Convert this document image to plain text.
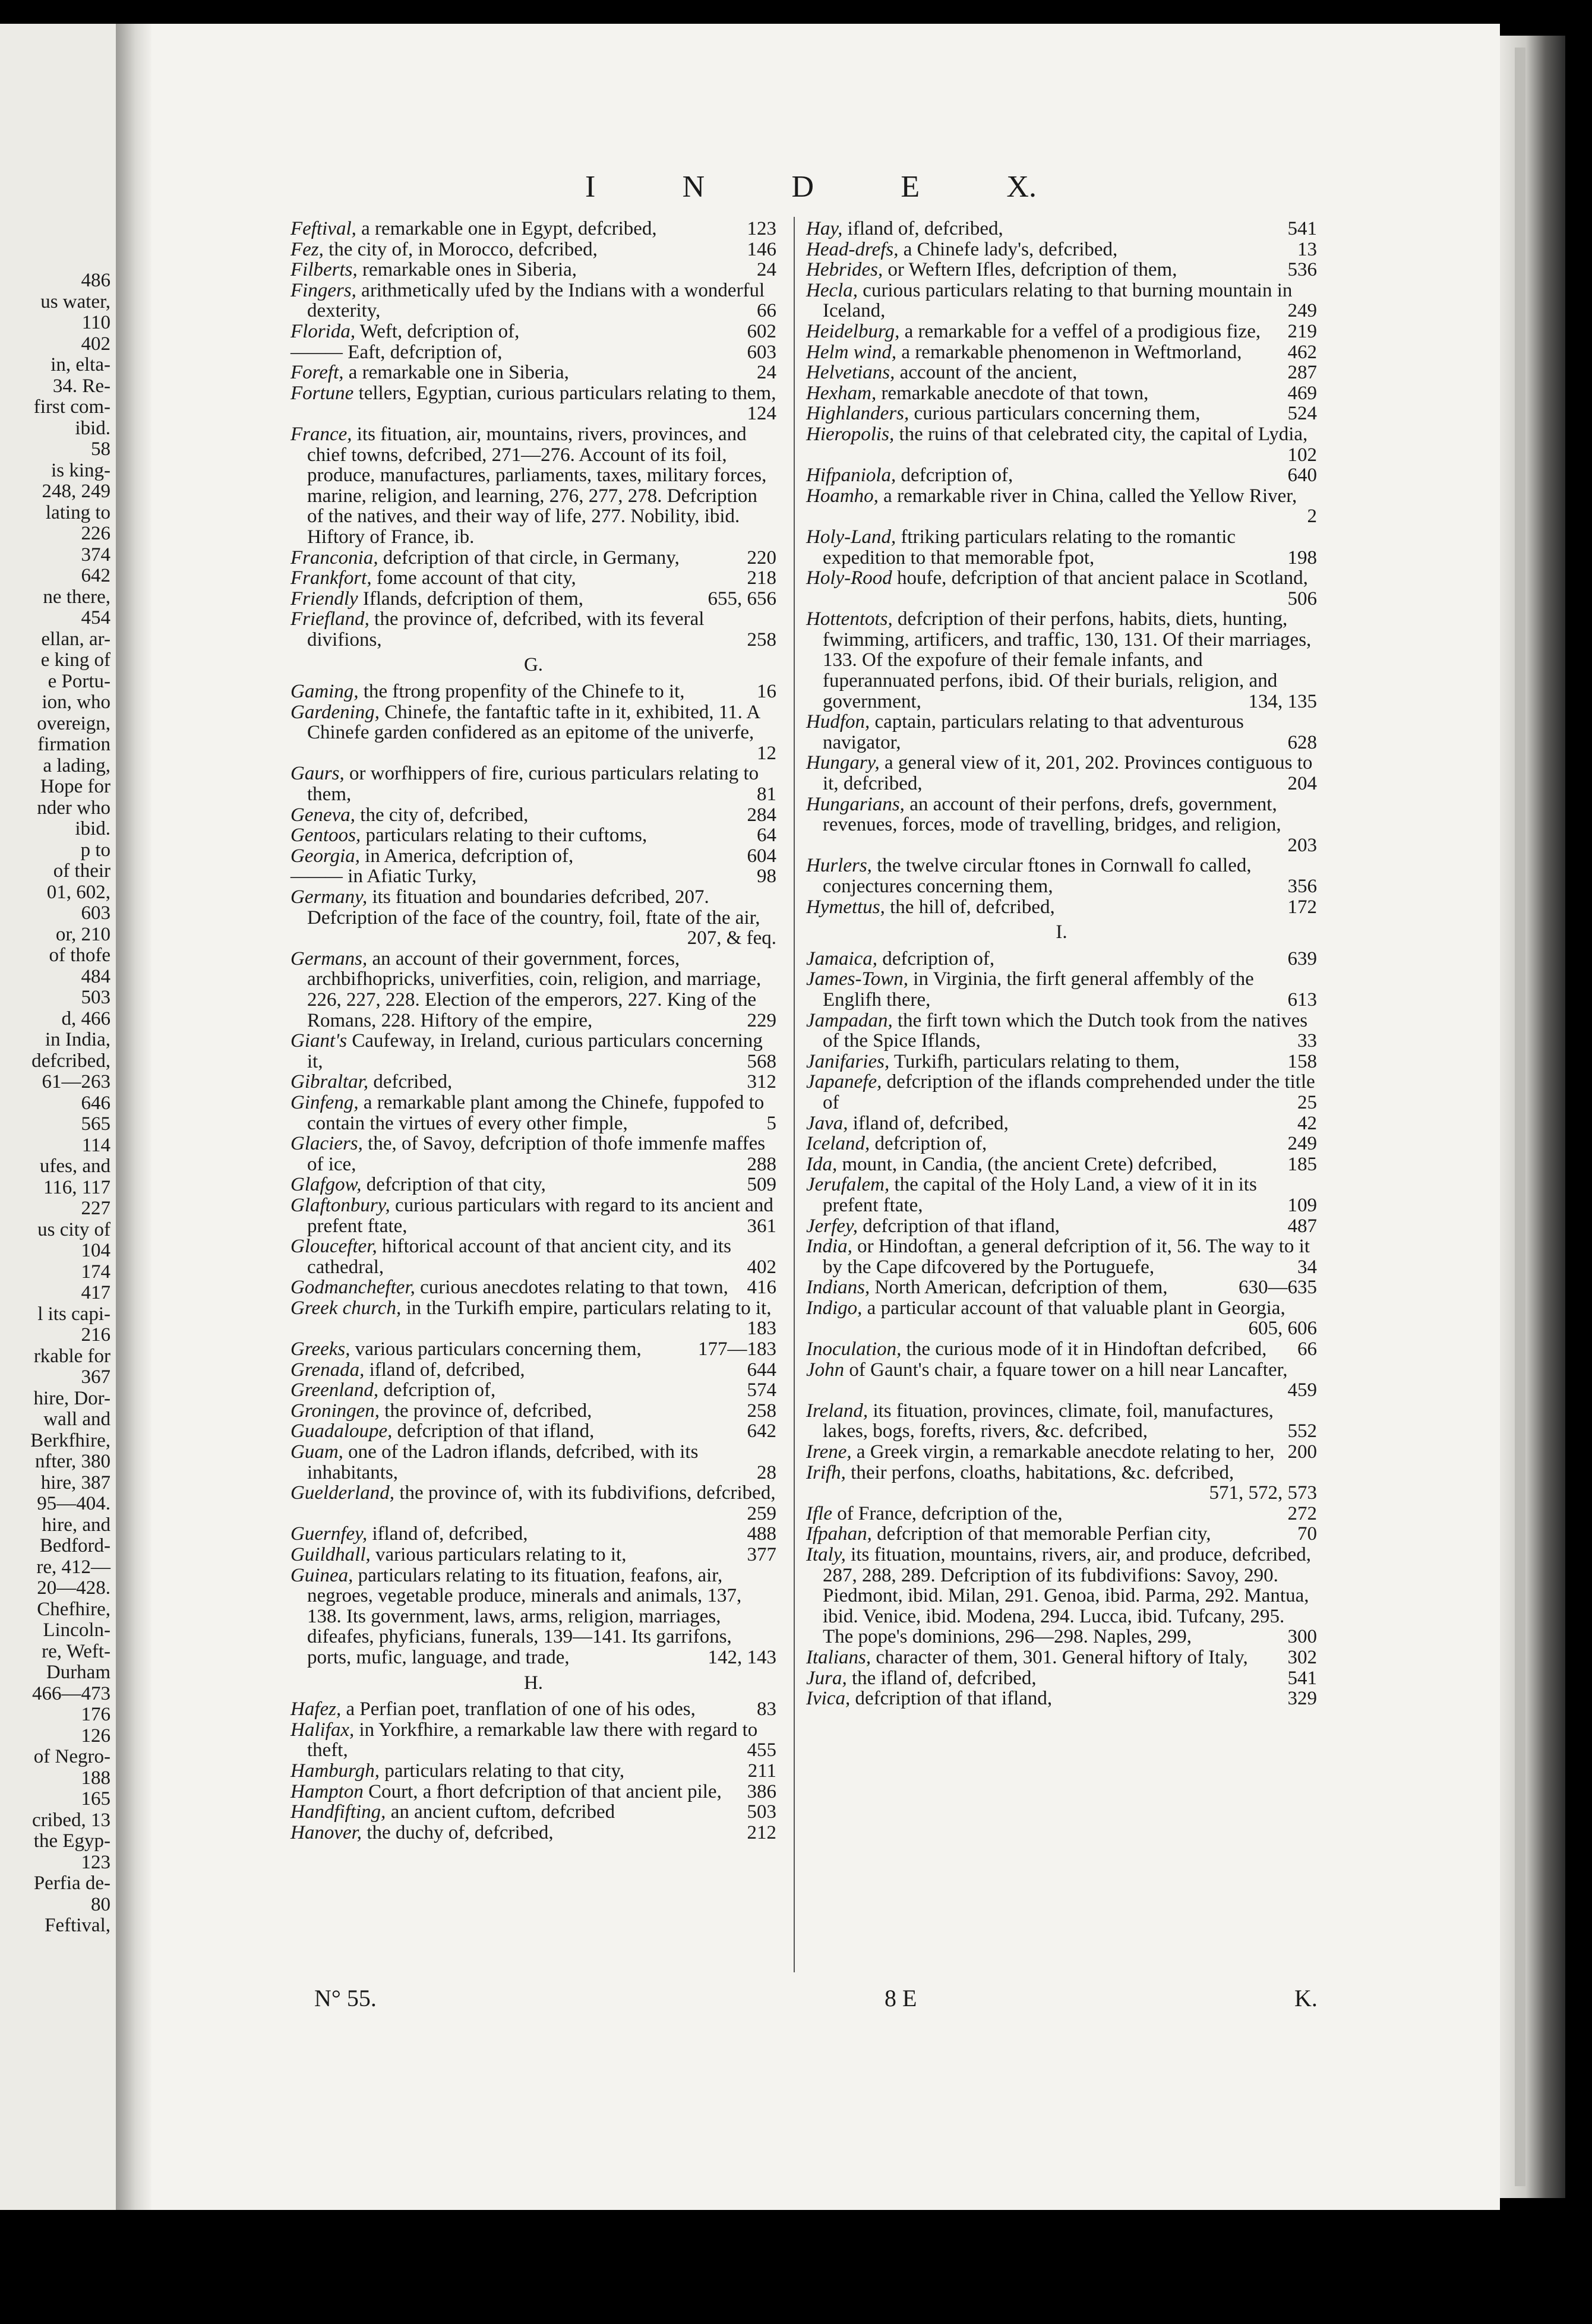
486
us water,
110
402
in, elta-
34. Re-
first com-
ibid.
58
is king-
248, 249
lating to
226
374
642
ne there,
454
ellan, ar-
e king of
e Portu-
ion, who
overeign,
firmation
a lading,
Hope for
nder who
ibid.
p to
of their
01, 602,
603
or, 210
of thofe
484
503
d, 466
in India,
defcribed,
61—263
646
565
114
ufes, and
116, 117
227
us city of
104
174
417
l its capi-
216
rkable for
367
hire, Dor-
wall and
Berkfhire,
nfter, 380
hire, 387
95—404.
hire, and
Bedford-
re, 412—
20—428.
Chefhire,
Lincoln-
re, Weft-
Durham
466—473
176
126
of Negro-
188
165
cribed, 13
the Egyp-
123
Perfia de-
80
Feftival,
I	N	D	E	X.
Feftival, a remarkable one in Egypt, defcribed,	123
Fez, the city of, in Morocco, defcribed,	146
Filberts, remarkable ones in Siberia,	24
Fingers, arithmetically ufed by the Indians with a wonderful dexterity,	66
Florida, Weft, defcription of,	602
——— Eaft, defcription of,	603
Foreft, a remarkable one in Siberia,	24
Fortune tellers, Egyptian, curious particulars relating to them,
124
France, its fituation, air, mountains, rivers, provinces, and chief towns, defcribed, 271—276. Account of its foil, produce, manufactures, parliaments, taxes, military forces, marine, religion, and learning, 276, 277, 278. Defcription of the natives, and their way of life, 277. Nobility, ibid. Hiftory of France, ib.
Franconia, defcription of that circle, in Germany,	220
Frankfort, fome account of that city,	218
Friendly Iflands, defcription of them,	655, 656
Friefland, the province of, defcribed, with its feveral divifions,	258
G.
Gaming, the ftrong propenfity of the Chinefe to it,	16
Gardening, Chinefe, the fantaftic tafte in it, exhibited, 11. A Chinefe garden confidered as an epitome of the univerfe,
12
Gaurs, or worfhippers of fire, curious particulars relating to them,	81
Geneva, the city of, defcribed,	284
Gentoos, particulars relating to their cuftoms,	64
Georgia, in America, defcription of,	604
——— in Afiatic Turky,	98
Germany, its fituation and boundaries defcribed, 207. Defcription of the face of the country, foil, ftate of the air,
207, & feq.
Germans, an account of their government, forces, archbifhopricks, univerfities, coin, religion, and marriage, 226, 227, 228. Election of the emperors, 227. King of the Romans, 228. Hiftory of the empire,	229
Giant's Caufeway, in Ireland, curious particulars concerning it,	568
Gibraltar, defcribed,	312
Ginfeng, a remarkable plant among the Chinefe, fuppofed to contain the virtues of every other fimple,	5
Glaciers, the, of Savoy, defcription of thofe immenfe maffes of ice,	288
Glafgow, defcription of that city,	509
Glaftonbury, curious particulars with regard to its ancient and prefent ftate,	361
Gloucefter, hiftorical account of that ancient city, and its cathedral,	402
Godmanchefter, curious anecdotes relating to that town, 416
Greek church, in the Turkifh empire, particulars relating to it,
183
Greeks, various particulars concerning them,	177—183
Grenada, ifland of, defcribed,	644
Greenland, defcription of,	574
Groningen, the province of, defcribed,	258
Guadaloupe, defcription of that ifland,	642
Guam, one of the Ladron iflands, defcribed, with its inhabitants,	28
Guelderland, the province of, with its fubdivifions, defcribed,
259
Guernfey, ifland of, defcribed,	488
Guildhall, various particulars relating to it,	377
Guinea, particulars relating to its fituation, feafons, air, negroes, vegetable produce, minerals and animals, 137, 138. Its government, laws, arms, religion, marriages, difeafes, phyficians, funerals, 139—141. Its garrifons, ports, mufic, language, and trade,	142, 143
H.
Hafez, a Perfian poet, tranflation of one of his odes,	83
Halifax, in Yorkfhire, a remarkable law there with regard to theft,	455
Hamburgh, particulars relating to that city,	211
Hampton Court, a fhort defcription of that ancient pile,	386
Handfifting, an ancient cuftom, defcribed	503
Hanover, the duchy of, defcribed,	212
Hay, ifland of, defcribed,	541
Head-drefs, a Chinefe lady's, defcribed,	13
Hebrides, or Weftern Ifles, defcription of them,	536
Hecla, curious particulars relating to that burning mountain in Iceland,	249
Heidelburg, a remarkable for a veffel of a prodigious fize,	219
Helm wind, a remarkable phenomenon in Weftmorland,	462
Helvetians, account of the ancient,	287
Hexham, remarkable anecdote of that town,	469
Highlanders, curious particulars concerning them,	524
Hieropolis, the ruins of that celebrated city, the capital of Lydia,
102
Hifpaniola, defcription of,	640
Hoamho, a remarkable river in China, called the Yellow River,
2
Holy-Land, ftriking particulars relating to the romantic expedition to that memorable fpot,	198
Holy-Rood houfe, defcription of that ancient palace in Scotland,
506
Hottentots, defcription of their perfons, habits, diets, hunting, fwimming, artificers, and traffic, 130, 131. Of their marriages, 133. Of the expofure of their female infants, and fuperannuated perfons, ibid. Of their burials, religion, and government,	134, 135
Hudfon, captain, particulars relating to that adventurous navigator,	628
Hungary, a general view of it, 201, 202. Provinces contiguous to it, defcribed,	204
Hungarians, an account of their perfons, drefs, government, revenues, forces, mode of travelling, bridges, and religion,
203
Hurlers, the twelve circular ftones in Cornwall fo called, conjectures concerning them,	356
Hymettus, the hill of, defcribed,	172
I.
Jamaica, defcription of,	639
James-Town, in Virginia, the firft general affembly of the Englifh there,	613
Jampadan, the firft town which the Dutch took from the natives of the Spice Iflands,	33
Janifaries, Turkifh, particulars relating to them,	158
Japanefe, defcription of the iflands comprehended under the title of	25
Java, ifland of, defcribed,	42
Iceland, defcription of,	249
Ida, mount, in Candia, (the ancient Crete) defcribed,	185
Jerufalem, the capital of the Holy Land, a view of it in its prefent ftate,	109
Jerfey, defcription of that ifland,	487
India, or Hindoftan, a general defcription of it, 56. The way to it by the Cape difcovered by the Portuguefe,	34
Indians, North American, defcription of them,	630—635
Indigo, a particular account of that valuable plant in Georgia,
605, 606
Inoculation, the curious mode of it in Hindoftan defcribed,	66
John of Gaunt's chair, a fquare tower on a hill near Lancafter,
459
Ireland, its fituation, provinces, climate, foil, manufactures, lakes, bogs, forefts, rivers, &c. defcribed,	552
Irene, a Greek virgin, a remarkable anecdote relating to her, 200
Irifh, their perfons, cloaths, habitations, &c. defcribed,
571, 572, 573
Ifle of France, defcription of the,	272
Ifpahan, defcription of that memorable Perfian city,	70
Italy, its fituation, mountains, rivers, air, and produce, defcribed, 287, 288, 289. Defcription of its fubdivifions: Savoy, 290. Piedmont, ibid. Milan, 291. Genoa, ibid. Parma, 292. Mantua, ibid. Venice, ibid. Modena, 294. Lucca, ibid. Tufcany, 295. The pope's dominions, 296—298. Naples, 299,	300
Italians, character of them, 301. General hiftory of Italy,	302
Jura, the ifland of, defcribed,	541
Ivica, defcription of that ifland,	329
N° 55.	8 E	K.
